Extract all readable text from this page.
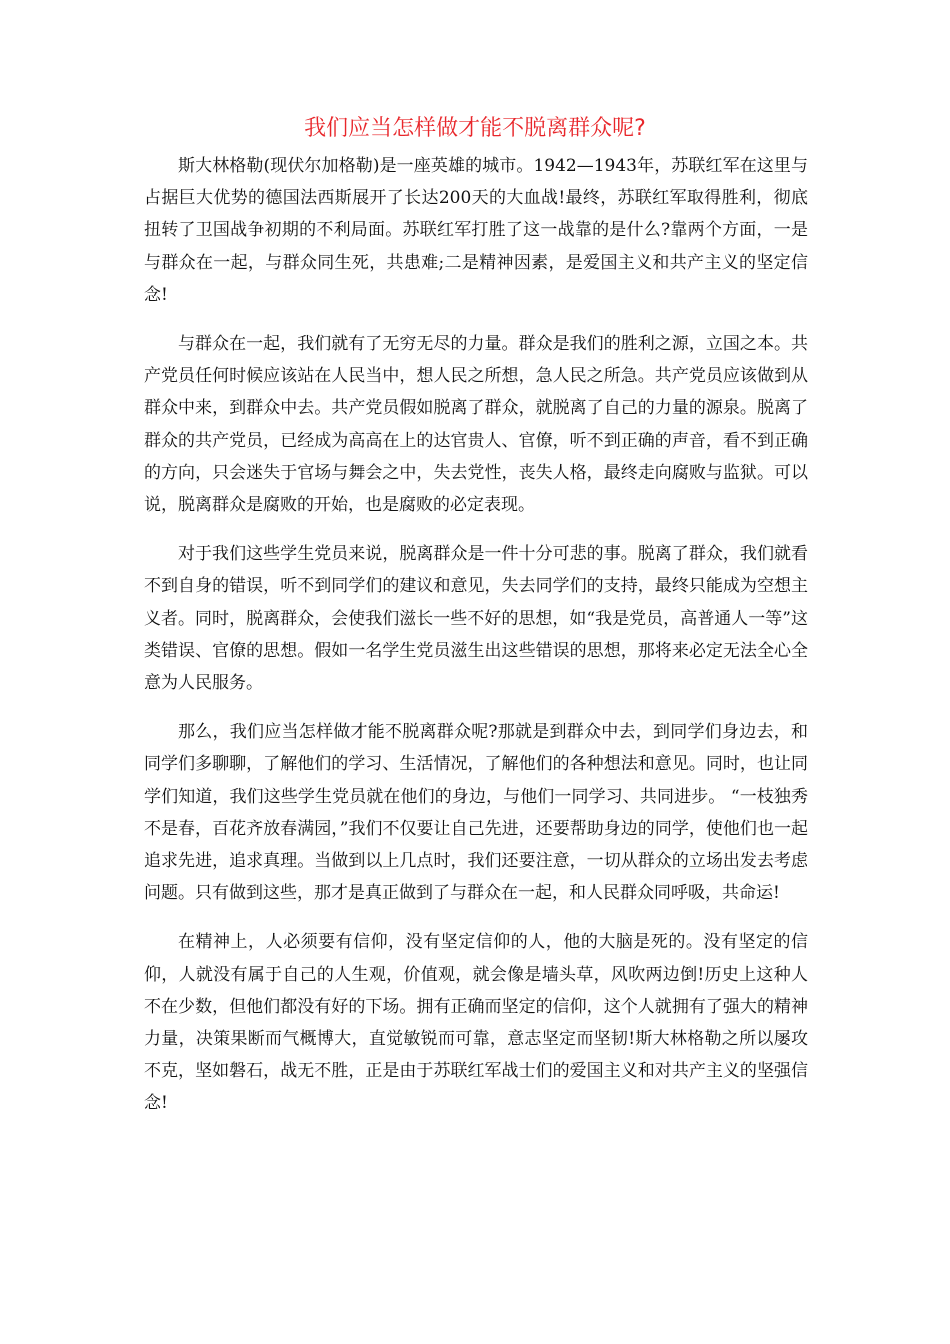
我们应当怎样做才能不脱离群众呢?

斯大林格勒(现伏尔加格勒)是一座英雄的城市。1942—1943年，苏联红军在这里与占据巨大优势的德国法西斯展开了长达200天的大血战!最终，苏联红军取得胜利，彻底扭转了卫国战争初期的不利局面。苏联红军打胜了这一战靠的是什么?靠两个方面，一是与群众在一起，与群众同生死，共患难;二是精神因素，是爱国主义和共产主义的坚定信念!

与群众在一起，我们就有了无穷无尽的力量。群众是我们的胜利之源，立国之本。共产党员任何时候应该站在人民当中，想人民之所想，急人民之所急。共产党员应该做到从群众中来，到群众中去。共产党员假如脱离了群众，就脱离了自己的力量的源泉。脱离了群众的共产党员，已经成为高高在上的达官贵人、官僚，听不到正确的声音，看不到正确的方向，只会迷失于官场与舞会之中，失去党性，丧失人格，最终走向腐败与监狱。可以说，脱离群众是腐败的开始，也是腐败的必定表现。

对于我们这些学生党员来说，脱离群众是一件十分可悲的事。脱离了群众，我们就看不到自身的错误，听不到同学们的建议和意见，失去同学们的支持，最终只能成为空想主义者。同时，脱离群众，会使我们滋长一些不好的思想，如“我是党员，高普通人一等”这类错误、官僚的思想。假如一名学生党员滋生出这些错误的思想，那将来必定无法全心全意为人民服务。

那么，我们应当怎样做才能不脱离群众呢?那就是到群众中去，到同学们身边去，和同学们多聊聊，了解他们的学习、生活情况，了解他们的各种想法和意见。同时，也让同学们知道，我们这些学生党员就在他们的身边，与他们一同学习、共同进步。 “一枝独秀不是春，百花齐放春满园，”我们不仅要让自己先进，还要帮助身边的同学，使他们也一起追求先进，追求真理。当做到以上几点时，我们还要注意，一切从群众的立场出发去考虑问题。只有做到这些，那才是真正做到了与群众在一起，和人民群众同呼吸，共命运!

在精神上，人必须要有信仰，没有坚定信仰的人，他的大脑是死的。没有坚定的信仰，人就没有属于自己的人生观，价值观，就会像是墙头草，风吹两边倒!历史上这种人不在少数，但他们都没有好的下场。拥有正确而坚定的信仰，这个人就拥有了强大的精神力量，决策果断而气概博大，直觉敏锐而可靠，意志坚定而坚韧!斯大林格勒之所以屡攻不克，坚如磐石，战无不胜，正是由于苏联红军战士们的爱国主义和对共产主义的坚强信念!
